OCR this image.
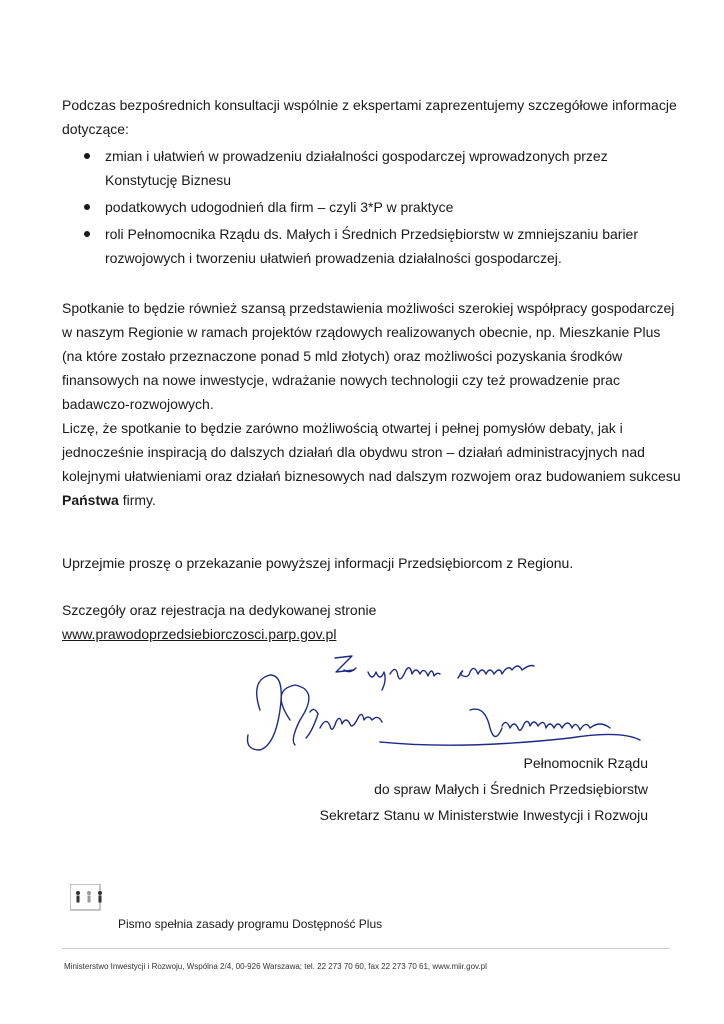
Podczas bezpośrednich konsultacji wspólnie z ekspertami zaprezentujemy szczegółowe informacje dotyczące:

zmian i ułatwień w prowadzeniu działalności gospodarczej wprowadzonych przez Konstytucję Biznesu
podatkowych udogodnień dla firm – czyli 3*P w praktyce
roli Pełnomocnika Rządu ds. Małych i Średnich Przedsiębiorstw w zmniejszaniu barier rozwojowych i tworzeniu ułatwień prowadzenia działalności gospodarczej.
Spotkanie to będzie również szansą przedstawienia możliwości szerokiej współpracy gospodarczej w naszym Regionie w ramach projektów rządowych realizowanych obecnie, np. Mieszkanie Plus (na które zostało przeznaczone ponad 5 mld złotych) oraz możliwości pozyskania środków finansowych na nowe inwestycje, wdrażanie nowych technologii czy też prowadzenie prac badawczo-rozwojowych.
Liczę, że spotkanie to będzie zarówno możliwością otwartej i pełnej pomysłów debaty, jak i jednocześnie inspiracją do dalszych działań dla obydwu stron – działań administracyjnych nad kolejnymi ułatwieniami oraz działań biznesowych nad dalszym rozwojem oraz budowaniem sukcesu Państwa firmy.

Uprzejmie proszę o przekazanie powyższej informacji Przedsiębiorcom z Regionu.

Szczegóły oraz rejestracja na dedykowanej stronie
www.prawodoprzedsiebiorczosci.parp.gov.pl
Pełnomocnik Rządu
do spraw Małych i Średnich Przedsiębiorstw
Sekretarz Stanu w Ministerstwie Inwestycji i Rozwoju
Pismo spełnia zasady programu Dostępność Plus
Ministerstwo Inwestycji i Rozwoju, Wspólna 2/4, 00-926 Warszawa; tel. 22 273 70 60, fax 22 273 70 61, www.miir.gov.pl
